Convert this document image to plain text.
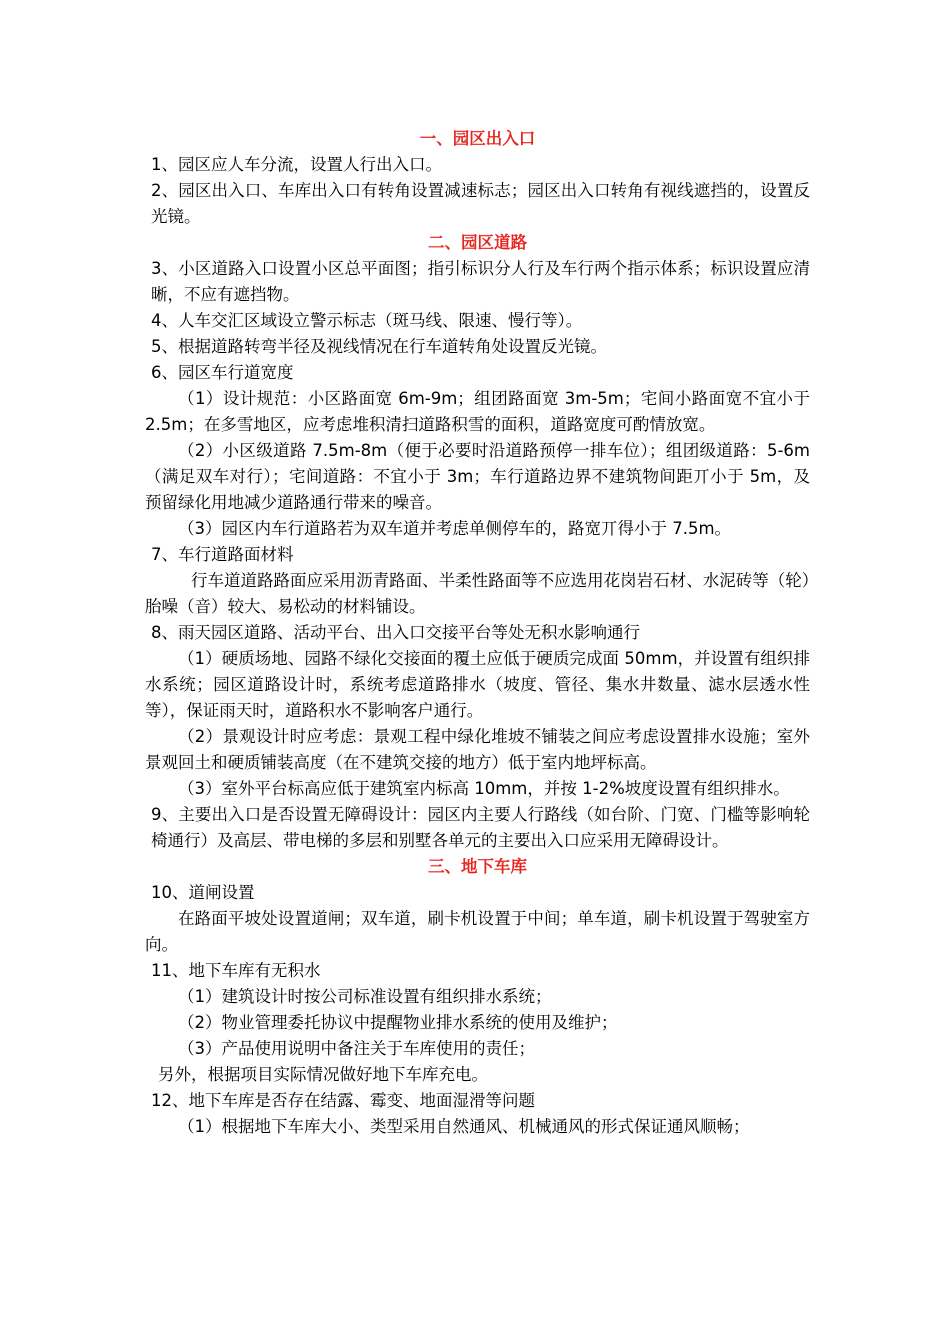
一、园区出入口

1、园区应人车分流，设置人行出入口。

2、园区出入口、车库出入口有转角设置减速标志；园区出入口转角有视线遮挡的，设置反光镜。

二、园区道路

3、小区道路入口设置小区总平面图；指引标识分人行及车行两个指示体系；标识设置应清晰，不应有遮挡物。

4、人车交汇区域设立警示标志（斑马线、限速、慢行等）。

5、根据道路转弯半径及视线情况在行车道转角处设置反光镜。

6、园区车行道宽度

（1）设计规范：小区路面宽 6m-9m；组团路面宽 3m-5m；宅间小路面宽不宜小于 2.5m；在多雪地区，应考虑堆积清扫道路积雪的面积，道路宽度可酌情放宽。

（2）小区级道路 7.5m-8m（便于必要时沿道路预停一排车位）；组团级道路：5-6m（满足双车对行）；宅间道路：不宜小于 3m；车行道路边界不建筑物间距丌小于 5m，及预留绿化用地减少道路通行带来的噪音。

（3）园区内车行道路若为双车道并考虑单侧停车的，路宽丌得小于 7.5m。

7、车行道路面材料

行车道道路路面应采用沥青路面、半柔性路面等不应选用花岗岩石材、水泥砖等（轮）胎噪（音）较大、易松动的材料铺设。

8、雨天园区道路、活动平台、出入口交接平台等处无积水影响通行

（1）硬质场地、园路不绿化交接面的覆土应低于硬质完成面 50mm，并设置有组织排水系统；园区道路设计时，系统考虑道路排水（坡度、管径、集水井数量、滤水层透水性等），保证雨天时，道路积水不影响客户通行。

（2）景观设计时应考虑：景观工程中绿化堆坡不铺装之间应考虑设置排水设施；室外景观回土和硬质铺装高度（在不建筑交接的地方）低于室内地坪标高。

（3）室外平台标高应低于建筑室内标高 10mm，并按 1-2%坡度设置有组织排水。

9、主要出入口是否设置无障碍设计：园区内主要人行路线（如台阶、门宽、门槛等影响轮椅通行）及高层、带电梯的多层和别墅各单元的主要出入口应采用无障碍设计。

三、地下车库

10、道闸设置

在路面平坡处设置道闸；双车道，刷卡机设置于中间；单车道，刷卡机设置于驾驶室方向。

11、地下车库有无积水

（1）建筑设计时按公司标准设置有组织排水系统；

（2）物业管理委托协议中提醒物业排水系统的使用及维护；

（3）产品使用说明中备注关于车库使用的责任；

另外，根据项目实际情况做好地下车库充电。

12、地下车库是否存在结露、霉变、地面湿滑等问题

（1）根据地下车库大小、类型采用自然通风、机械通风的形式保证通风顺畅；
